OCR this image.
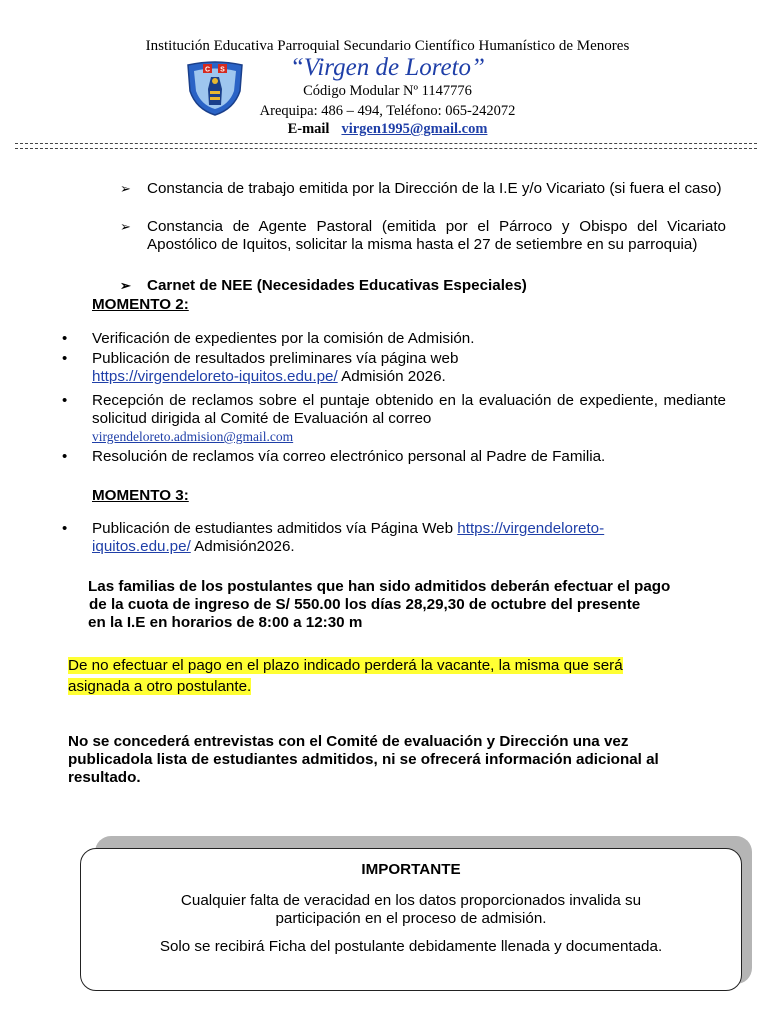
Institución Educativa Parroquial Secundario Científico Humanístico de Menores
“Virgen de Loreto”
Código Modular Nº 1147776
Arequipa: 486 – 494, Teléfono: 065-242072
E-mail virgen1995@gmail.com
C S
➢ Constancia de trabajo emitida por la Dirección de la I.E y/o Vicariato (si fuera el caso)
➢ Constancia de Agente Pastoral (emitida por el Párroco y Obispo del Vicariato Apostólico de Iquitos, solicitar la misma hasta el 27 de setiembre en su parroquia)
➢ Carnet de NEE (Necesidades Educativas Especiales)
MOMENTO 2:
• Verificación de expedientes por la comisión de Admisión.
• Publicación de resultados preliminares vía página web
https://virgendeloreto-iquitos.edu.pe/ Admisión 2026.
• Recepción de reclamos sobre el puntaje obtenido en la evaluación de expediente, mediante solicitud dirigida al Comité de Evaluación al correo
virgendeloreto.admision@gmail.com
• Resolución de reclamos vía correo electrónico personal al Padre de Familia.
MOMENTO 3:
• Publicación de estudiantes admitidos vía Página Web https://virgendeloreto-
iquitos.edu.pe/ Admisión2026.
Las familias de los postulantes que han sido admitidos deberán efectuar el pago
de la cuota de ingreso de S/ 550.00 los días 28,29,30 de octubre del presente
en la I.E en horarios de 8:00 a 12:30 m
De no efectuar el pago en el plazo indicado perderá la vacante, la misma que será
asignada a otro postulante.
No se concederá entrevistas con el Comité de evaluación y Dirección una vez
publicadola lista de estudiantes admitidos, ni se ofrecerá información adicional al
resultado.
IMPORTANTE
Cualquier falta de veracidad en los datos proporcionados invalida su
participación en el proceso de admisión.
Solo se recibirá Ficha del postulante debidamente llenada y documentada.
